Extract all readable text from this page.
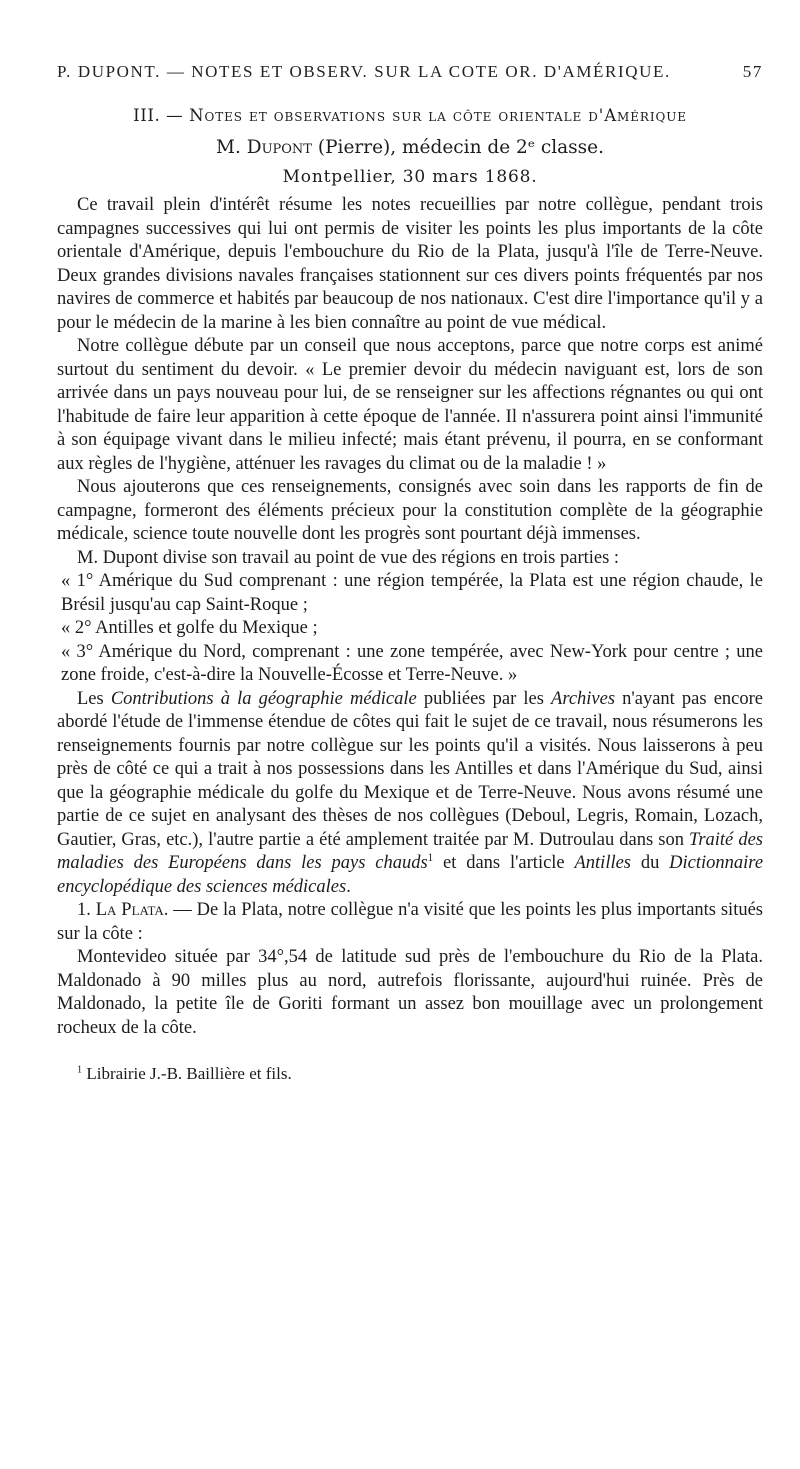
P. DUPONT. — NOTES ET OBSERV. SUR LA COTE OR. D'AMÉRIQUE.	57
III. — Notes et observations sur la côte orientale d'Amérique
M. Dupont (Pierre), médecin de 2ᵉ classe.
Montpellier, 30 mars 1868.

Ce travail plein d'intérêt résume les notes recueillies par notre collègue, pendant trois campagnes successives qui lui ont permis de visiter les points les plus importants de la côte orientale d'Amérique, depuis l'embouchure du Rio de la Plata, jusqu'à l'île de Terre-Neuve. Deux grandes divisions navales françaises stationnent sur ces divers points fréquentés par nos navires de commerce et habités par beaucoup de nos nationaux. C'est dire l'importance qu'il y a pour le médecin de la marine à les bien connaître au point de vue médical.

Notre collègue débute par un conseil que nous acceptons, parce que notre corps est animé surtout du sentiment du devoir. « Le premier devoir du médecin naviguant est, lors de son arrivée dans un pays nouveau pour lui, de se renseigner sur les affections régnantes ou qui ont l'habitude de faire leur apparition à cette époque de l'année. Il n'assurera point ainsi l'immunité à son équipage vivant dans le milieu infecté; mais étant prévenu, il pourra, en se conformant aux règles de l'hygiène, atténuer les ravages du climat ou de la maladie ! »

Nous ajouterons que ces renseignements, consignés avec soin dans les rapports de fin de campagne, formeront des éléments précieux pour la constitution complète de la géographie médicale, science toute nouvelle dont les progrès sont pourtant déjà immenses.

M. Dupont divise son travail au point de vue des régions en trois parties :

« 1° Amérique du Sud comprenant : une région tempérée, la Plata est une région chaude, le Brésil jusqu'au cap Saint-Roque ;

« 2° Antilles et golfe du Mexique ;

« 3° Amérique du Nord, comprenant : une zone tempérée, avec New-York pour centre ; une zone froide, c'est-à-dire la Nouvelle-Écosse et Terre-Neuve. »

Les Contributions à la géographie médicale publiées par les Archives n'ayant pas encore abordé l'étude de l'immense étendue de côtes qui fait le sujet de ce travail, nous résumerons les renseignements fournis par notre collègue sur les points qu'il a visités. Nous laisserons à peu près de côté ce qui a trait à nos possessions dans les Antilles et dans l'Amérique du Sud, ainsi que la géographie médicale du golfe du Mexique et de Terre-Neuve. Nous avons résumé une partie de ce sujet en analysant des thèses de nos collègues (Deboul, Legris, Romain, Lozach, Gautier, Gras, etc.), l'autre partie a été amplement traitée par M. Dutroulau dans son Traité des maladies des Européens dans les pays chauds$^1$ et dans l'article Antilles du Dictionnaire encyclopédique des sciences médicales.

1. La Plata. — De la Plata, notre collègue n'a visité que les points les plus importants situés sur la côte :

Montevideo située par 34°,54 de latitude sud près de l'embouchure du Rio de la Plata. Maldonado à 90 milles plus au nord, autrefois florissante, aujourd'hui ruinée. Près de Maldonado, la petite île de Goriti formant un assez bon mouillage avec un prolongement rocheux de la côte.

$^1$ Librairie J.-B. Baillière et fils.
